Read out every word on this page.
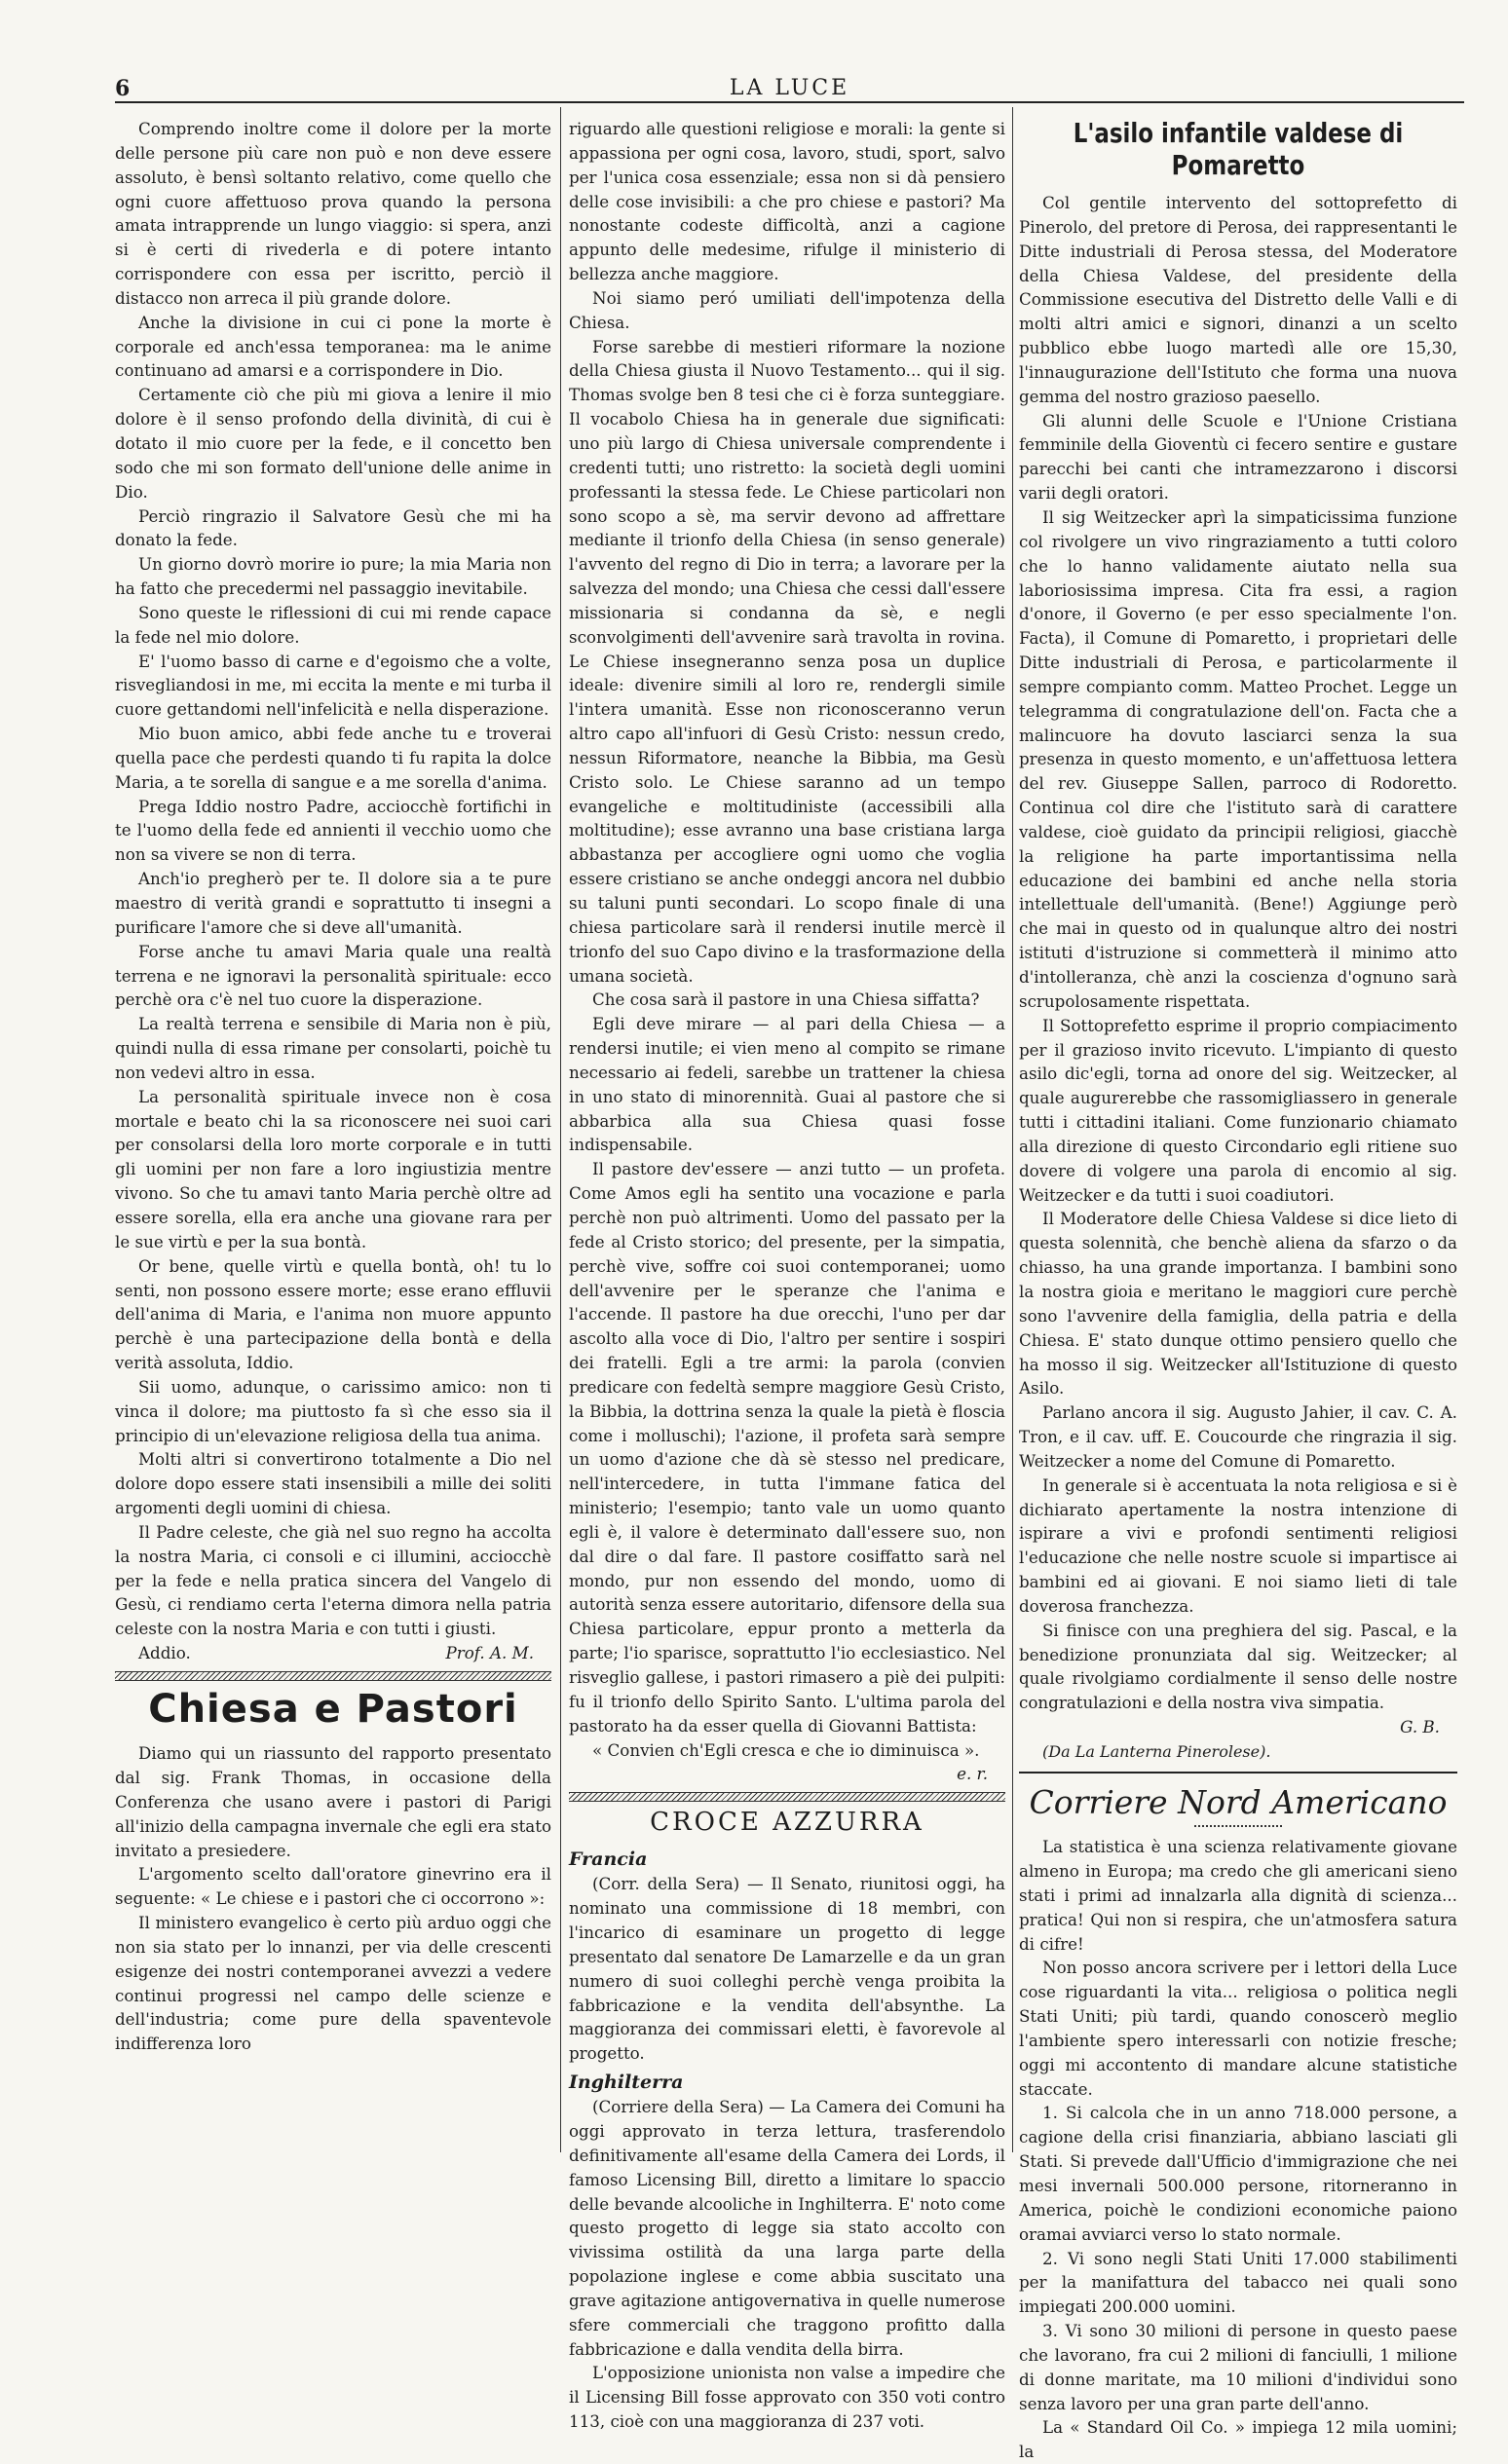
6	LA LUCE

Comprendo inoltre come il dolore per la morte delle persone più care non può e non deve essere assoluto, è bensì soltanto relativo, come quello che ogni cuore affettuoso prova quando la persona amata intrapprende un lungo viaggio: si spera, anzi si è certi di rivederla e di potere intanto corrispondere con essa per iscritto, perciò il distacco non arreca il più grande dolore.

Anche la divisione in cui ci pone la morte è corporale ed anch'essa temporanea: ma le anime continuano ad amarsi e a corrispondere in Dio.

Certamente ciò che più mi giova a lenire il mio dolore è il senso profondo della divinità, di cui è dotato il mio cuore per la fede, e il concetto ben sodo che mi son formato dell'unione delle anime in Dio.

Perciò ringrazio il Salvatore Gesù che mi ha donato la fede.

Un giorno dovrò morire io pure; la mia Maria non ha fatto che precedermi nel passaggio inevitabile.

Sono queste le riflessioni di cui mi rende capace la fede nel mio dolore.

E' l'uomo basso di carne e d'egoismo che a volte, risvegliandosi in me, mi eccita la mente e mi turba il cuore gettandomi nell'infelicità e nella disperazione.

Mio buon amico, abbi fede anche tu e troverai quella pace che perdesti quando ti fu rapita la dolce Maria, a te sorella di sangue e a me sorella d'anima.

Prega Iddio nostro Padre, acciocchè fortifichi in te l'uomo della fede ed annienti il vecchio uomo che non sa vivere se non di terra.

Anch'io pregherò per te. Il dolore sia a te pure maestro di verità grandi e soprattutto ti insegni a purificare l'amore che si deve all'umanità.

Forse anche tu amavi Maria quale una realtà terrena e ne ignoravi la personalità spirituale: ecco perchè ora c'è nel tuo cuore la disperazione.

La realtà terrena e sensibile di Maria non è più, quindi nulla di essa rimane per consolarti, poichè tu non vedevi altro in essa.

La personalità spirituale invece non è cosa mortale e beato chi la sa riconoscere nei suoi cari per consolarsi della loro morte corporale e in tutti gli uomini per non fare a loro ingiustizia mentre vivono. So che tu amavi tanto Maria perchè oltre ad essere sorella, ella era anche una giovane rara per le sue virtù e per la sua bontà.

Or bene, quelle virtù e quella bontà, oh! tu lo senti, non possono essere morte; esse erano effluvii dell'anima di Maria, e l'anima non muore appunto perchè è una partecipazione della bontà e della verità assoluta, Iddio.

Sii uomo, adunque, o carissimo amico: non ti vinca il dolore; ma piuttosto fa sì che esso sia il principio di un'elevazione religiosa della tua anima.

Molti altri si convertirono totalmente a Dio nel dolore dopo essere stati insensibili a mille dei soliti argomenti degli uomini di chiesa.

Il Padre celeste, che già nel suo regno ha accolta la nostra Maria, ci consoli e ci illumini, acciocchè per la fede e nella pratica sincera del Vangelo di Gesù, ci rendiamo certa l'eterna dimora nella patria celeste con la nostra Maria e con tutti i giusti.

Addio.	Prof. A. M.
Chiesa e Pastori

Diamo qui un riassunto del rapporto presentato dal sig. Frank Thomas, in occasione della Conferenza che usano avere i pastori di Parigi all'inizio della campagna invernale che egli era stato invitato a presiedere.

L'argomento scelto dall'oratore ginevrino era il seguente: « Le chiese e i pastori che ci occorrono »:

Il ministero evangelico è certo più arduo oggi che non sia stato per lo innanzi, per via delle crescenti esigenze dei nostri contemporanei avvezzi a vedere continui progressi nel campo delle scienze e dell'industria; come pure della spaventevole indifferenza loro

riguardo alle questioni religiose e morali: la gente si appassiona per ogni cosa, lavoro, studi, sport, salvo per l'unica cosa essenziale; essa non si dà pensiero delle cose invisibili: a che pro chiese e pastori? Ma nonostante codeste difficoltà, anzi a cagione appunto delle medesime, rifulge il ministerio di bellezza anche maggiore.

Noi siamo peró umiliati dell'impotenza della Chiesa.

Forse sarebbe di mestieri riformare la nozione della Chiesa giusta il Nuovo Testamento... qui il sig. Thomas svolge ben 8 tesi che ci è forza sunteggiare. Il vocabolo Chiesa ha in generale due significati: uno più largo di Chiesa universale comprendente i credenti tutti; uno ristretto: la società degli uomini professanti la stessa fede. Le Chiese particolari non sono scopo a sè, ma servir devono ad affrettare mediante il trionfo della Chiesa (in senso generale) l'avvento del regno di Dio in terra; a lavorare per la salvezza del mondo; una Chiesa che cessi dall'essere missionaria si condanna da sè, e negli sconvolgimenti dell'avvenire sarà travolta in rovina. Le Chiese insegneranno senza posa un duplice ideale: divenire simili al loro re, rendergli simile l'intera umanità. Esse non riconosceranno verun altro capo all'infuori di Gesù Cristo: nessun credo, nessun Riformatore, neanche la Bibbia, ma Gesù Cristo solo. Le Chiese saranno ad un tempo evangeliche e moltitudiniste (accessibili alla moltitudine); esse avranno una base cristiana larga abbastanza per accogliere ogni uomo che voglia essere cristiano se anche ondeggi ancora nel dubbio su taluni punti secondari. Lo scopo finale di una chiesa particolare sarà il rendersi inutile mercè il trionfo del suo Capo divino e la trasformazione della umana società.

Che cosa sarà il pastore in una Chiesa siffatta?

Egli deve mirare — al pari della Chiesa — a rendersi inutile; ei vien meno al compito se rimane necessario ai fedeli, sarebbe un trattener la chiesa in uno stato di minorennità. Guai al pastore che si abbarbica alla sua Chiesa quasi fosse indispensabile.

Il pastore dev'essere — anzi tutto — un profeta. Come Amos egli ha sentito una vocazione e parla perchè non può altrimenti. Uomo del passato per la fede al Cristo storico; del presente, per la simpatia, perchè vive, soffre coi suoi contemporanei; uomo dell'avvenire per le speranze che l'anima e l'accende. Il pastore ha due orecchi, l'uno per dar ascolto alla voce di Dio, l'altro per sentire i sospiri dei fratelli. Egli a tre armi: la parola (convien predicare con fedeltà sempre maggiore Gesù Cristo, la Bibbia, la dottrina senza la quale la pietà è floscia come i molluschi); l'azione, il profeta sarà sempre un uomo d'azione che dà sè stesso nel predicare, nell'intercedere, in tutta l'immane fatica del ministerio; l'esempio; tanto vale un uomo quanto egli è, il valore è determinato dall'essere suo, non dal dire o dal fare. Il pastore cosiffatto sarà nel mondo, pur non essendo del mondo, uomo di autorità senza essere autoritario, difensore della sua Chiesa particolare, eppur pronto a metterla da parte; l'io sparisce, soprattutto l'io ecclesiastico. Nel risveglio gallese, i pastori rimasero a piè dei pulpiti: fu il trionfo dello Spirito Santo. L'ultima parola del pastorato ha da esser quella di Giovanni Battista:

« Convien ch'Egli cresca e che io diminuisca ».

e. r.
CROCE AZZURRA
Francia

(Corr. della Sera) — Il Senato, riunitosi oggi, ha nominato una commissione di 18 membri, con l'incarico di esaminare un progetto di legge presentato dal senatore De Lamarzelle e da un gran numero di suoi colleghi perchè venga proibita la fabbricazione e la vendita dell'absynthe. La maggioranza dei commissari eletti, è favorevole al progetto.

Inghilterra

(Corriere della Sera) — La Camera dei Comuni ha oggi approvato in terza lettura, trasferendolo definitivamente all'esame della Camera dei Lords, il famoso Licensing Bill, diretto a limitare lo spaccio delle bevande alcooliche in Inghilterra. E' noto come questo progetto di legge sia stato accolto con vivissima ostilità da una larga parte della popolazione inglese e come abbia suscitato una grave agitazione antigovernativa in quelle numerose sfere commerciali che traggono profitto dalla fabbricazione e dalla vendita della birra.

L'opposizione unionista non valse a impedire che il Licensing Bill fosse approvato con 350 voti contro 113, cioè con una maggioranza di 237 voti.

L'asilo infantile valdese di Pomaretto

Col gentile intervento del sottoprefetto di Pinerolo, del pretore di Perosa, dei rappresentanti le Ditte industriali di Perosa stessa, del Moderatore della Chiesa Valdese, del presidente della Commissione esecutiva del Distretto delle Valli e di molti altri amici e signori, dinanzi a un scelto pubblico ebbe luogo martedì alle ore 15,30, l'innaugurazione dell'Istituto che forma una nuova gemma del nostro grazioso paesello.

Gli alunni delle Scuole e l'Unione Cristiana femminile della Gioventù ci fecero sentire e gustare parecchi bei canti che intramezzarono i discorsi varii degli oratori.

Il sig Weitzecker aprì la simpaticissima funzione col rivolgere un vivo ringraziamento a tutti coloro che lo hanno validamente aiutato nella sua laboriosissima impresa. Cita fra essi, a ragion d'onore, il Governo (e per esso specialmente l'on. Facta), il Comune di Pomaretto, i proprietari delle Ditte industriali di Perosa, e particolarmente il sempre compianto comm. Matteo Prochet. Legge un telegramma di congratulazione dell'on. Facta che a malincuore ha dovuto lasciarci senza la sua presenza in questo momento, e un'affettuosa lettera del rev. Giuseppe Sallen, parroco di Rodoretto. Continua col dire che l'istituto sarà di carattere valdese, cioè guidato da principii religiosi, giacchè la religione ha parte importantissima nella educazione dei bambini ed anche nella storia intellettuale dell'umanità. (Bene!) Aggiunge però che mai in questo od in qualunque altro dei nostri istituti d'istruzione si commetterà il minimo atto d'intolleranza, chè anzi la coscienza d'ognuno sarà scrupolosamente rispettata.

Il Sottoprefetto esprime il proprio compiacimento per il grazioso invito ricevuto. L'impianto di questo asilo dic'egli, torna ad onore del sig. Weitzecker, al quale augurerebbe che rassomigliassero in generale tutti i cittadini italiani. Come funzionario chiamato alla direzione di questo Circondario egli ritiene suo dovere di volgere una parola di encomio al sig. Weitzecker e da tutti i suoi coadiutori.

Il Moderatore delle Chiesa Valdese si dice lieto di questa solennità, che benchè aliena da sfarzo o da chiasso, ha una grande importanza. I bambini sono la nostra gioia e meritano le maggiori cure perchè sono l'avvenire della famiglia, della patria e della Chiesa. E' stato dunque ottimo pensiero quello che ha mosso il sig. Weitzecker all'Istituzione di questo Asilo.

Parlano ancora il sig. Augusto Jahier, il cav. C. A. Tron, e il cav. uff. E. Coucourde che ringrazia il sig. Weitzecker a nome del Comune di Pomaretto.

In generale si è accentuata la nota religiosa e si è dichiarato apertamente la nostra intenzione di ispirare a vivi e profondi sentimenti religiosi l'educazione che nelle nostre scuole si impartisce ai bambini ed ai giovani. E noi siamo lieti di tale doverosa franchezza.

Si finisce con una preghiera del sig. Pascal, e la benedizione pronunziata dal sig. Weitzecker; al quale rivolgiamo cordialmente il senso delle nostre congratulazioni e della nostra viva simpatia.

G. B.
(Da La Lanterna Pinerolese).
Corriere Nord Americano

La statistica è una scienza relativamente giovane almeno in Europa; ma credo che gli americani sieno stati i primi ad innalzarla alla dignità di scienza... pratica! Qui non si respira, che un'atmosfera satura di cifre!

Non posso ancora scrivere per i lettori della Luce cose riguardanti la vita... religiosa o politica negli Stati Uniti; più tardi, quando conoscerò meglio l'ambiente spero interessarli con notizie fresche; oggi mi accontento di mandare alcune statistiche staccate.

1. Si calcola che in un anno 718.000 persone, a cagione della crisi finanziaria, abbiano lasciati gli Stati. Si prevede dall'Ufficio d'immigrazione che nei mesi invernali 500.000 persone, ritorneranno in America, poichè le condizioni economiche paiono oramai avviarci verso lo stato normale.

2. Vi sono negli Stati Uniti 17.000 stabilimenti per la manifattura del tabacco nei quali sono impiegati 200.000 uomini.

3. Vi sono 30 milioni di persone in questo paese che lavorano, fra cui 2 milioni di fanciulli, 1 milione di donne maritate, ma 10 milioni d'individui sono senza lavoro per una gran parte dell'anno.

La « Standard Oil Co. » impiega 12 mila uomini; la
